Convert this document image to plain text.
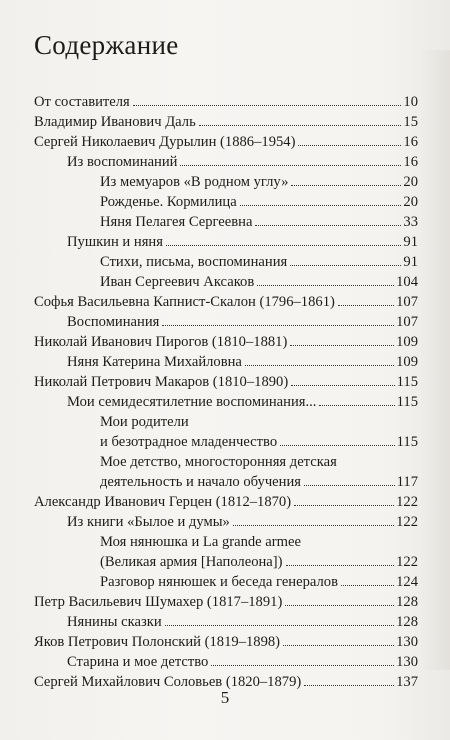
Содержание
От составителя	10
Владимир Иванович Даль	15
Сергей Николаевич Дурылин (1886–1954)	16
Из воспоминаний	16
Из мемуаров «В родном углу»	20
Рожденье. Кормилица	20
Няня Пелагея Сергеевна	33
Пушкин и няня	91
Стихи, письма, воспоминания	91
Иван Сергеевич Аксаков	104
Софья Васильевна Капнист-Скалон (1796–1861)	107
Воспоминания	107
Николай Иванович Пирогов (1810–1881)	109
Няня Катерина Михайловна	109
Николай Петрович Макаров (1810–1890)	115
Мои семидесятилетние воспоминания...	115
Мои родители
и безотрадное младенчество	115
Мое детство, многосторонняя детская
деятельность и начало обучения	117
Александр Иванович Герцен (1812–1870)	122
Из книги «Былое и думы»	122
Моя нянюшка и La grande armee
(Великая армия [Наполеона])	122
Разговор нянюшек и беседа генералов	124
Петр Васильевич Шумахер (1817–1891)	128
Нянины сказки	128
Яков Петрович Полонский (1819–1898)	130
Старина и мое детство	130
Сергей Михайлович Соловьев (1820–1879)	137
5
